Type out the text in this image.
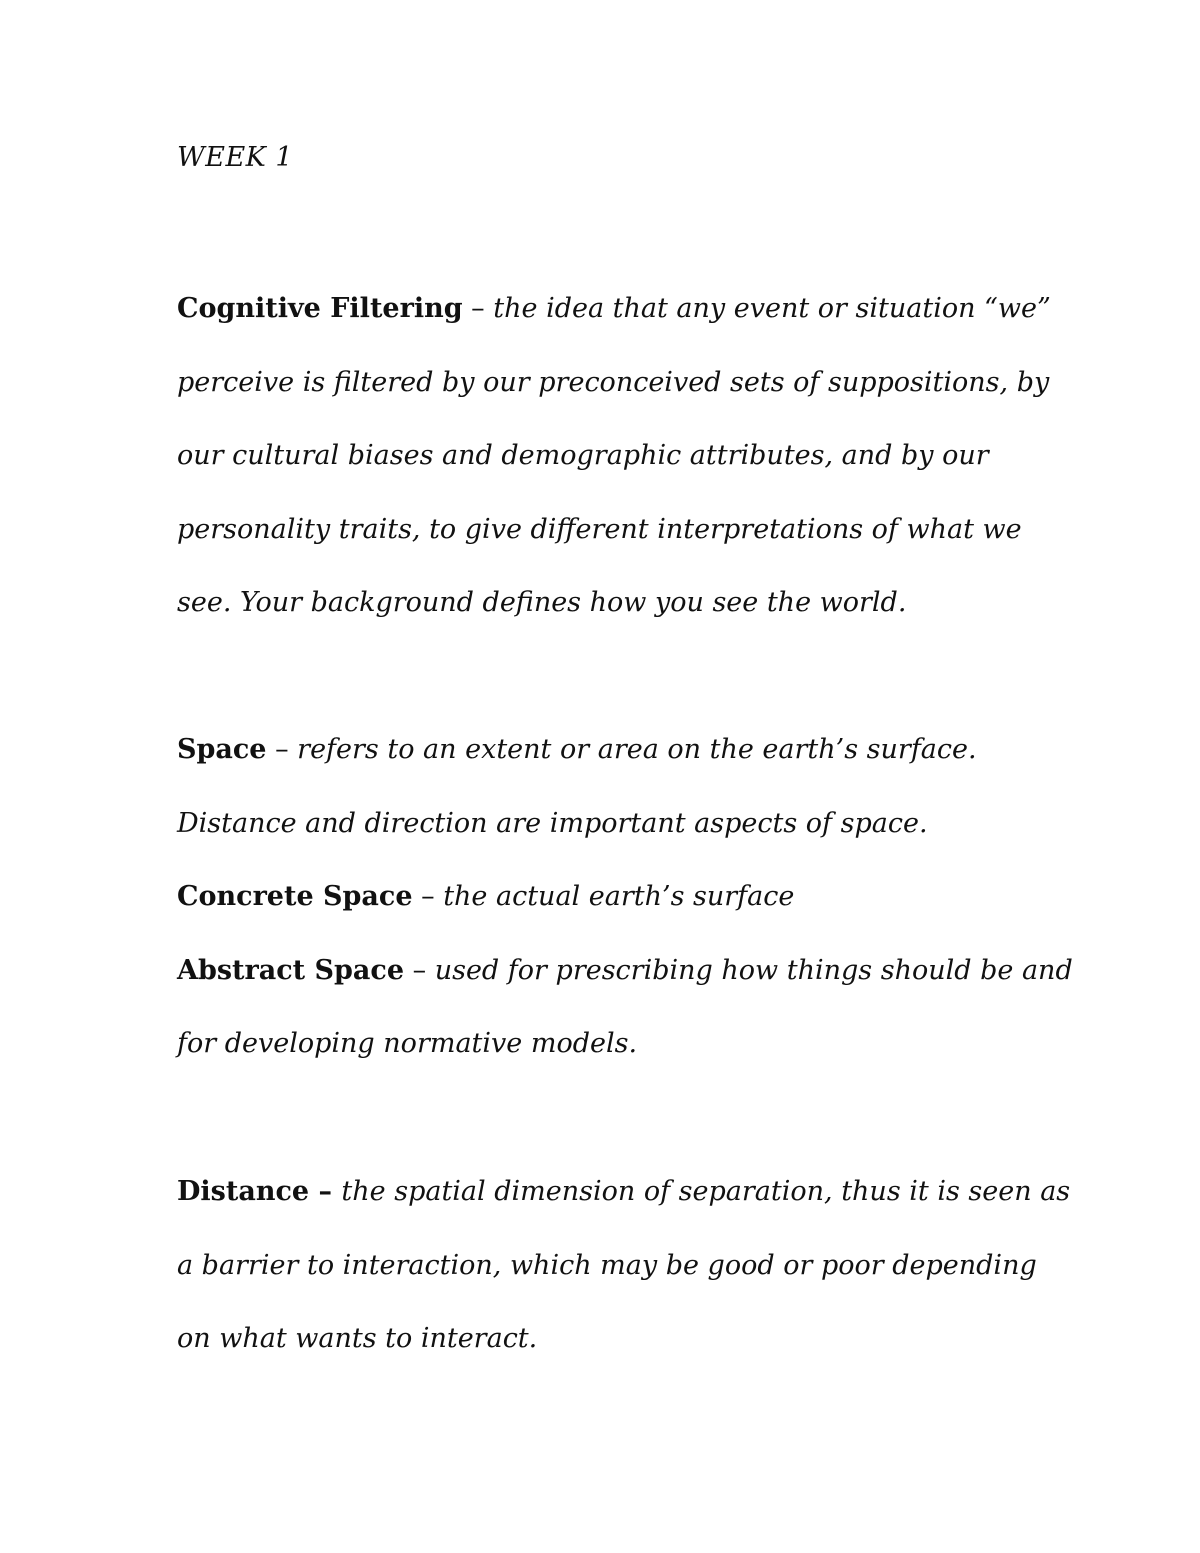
WEEK 1
Cognitive Filtering – the idea that any event or situation “we”
perceive is filtered by our preconceived sets of suppositions, by
our cultural biases and demographic attributes, and by our
personality traits, to give different interpretations of what we
see. Your background defines how you see the world.
Space – refers to an extent or area on the earth’s surface.
Distance and direction are important aspects of space.
Concrete Space – the actual earth’s surface
Abstract Space – used for prescribing how things should be and
for developing normative models.
Distance – the spatial dimension of separation, thus it is seen as
a barrier to interaction, which may be good or poor depending
on what wants to interact.
